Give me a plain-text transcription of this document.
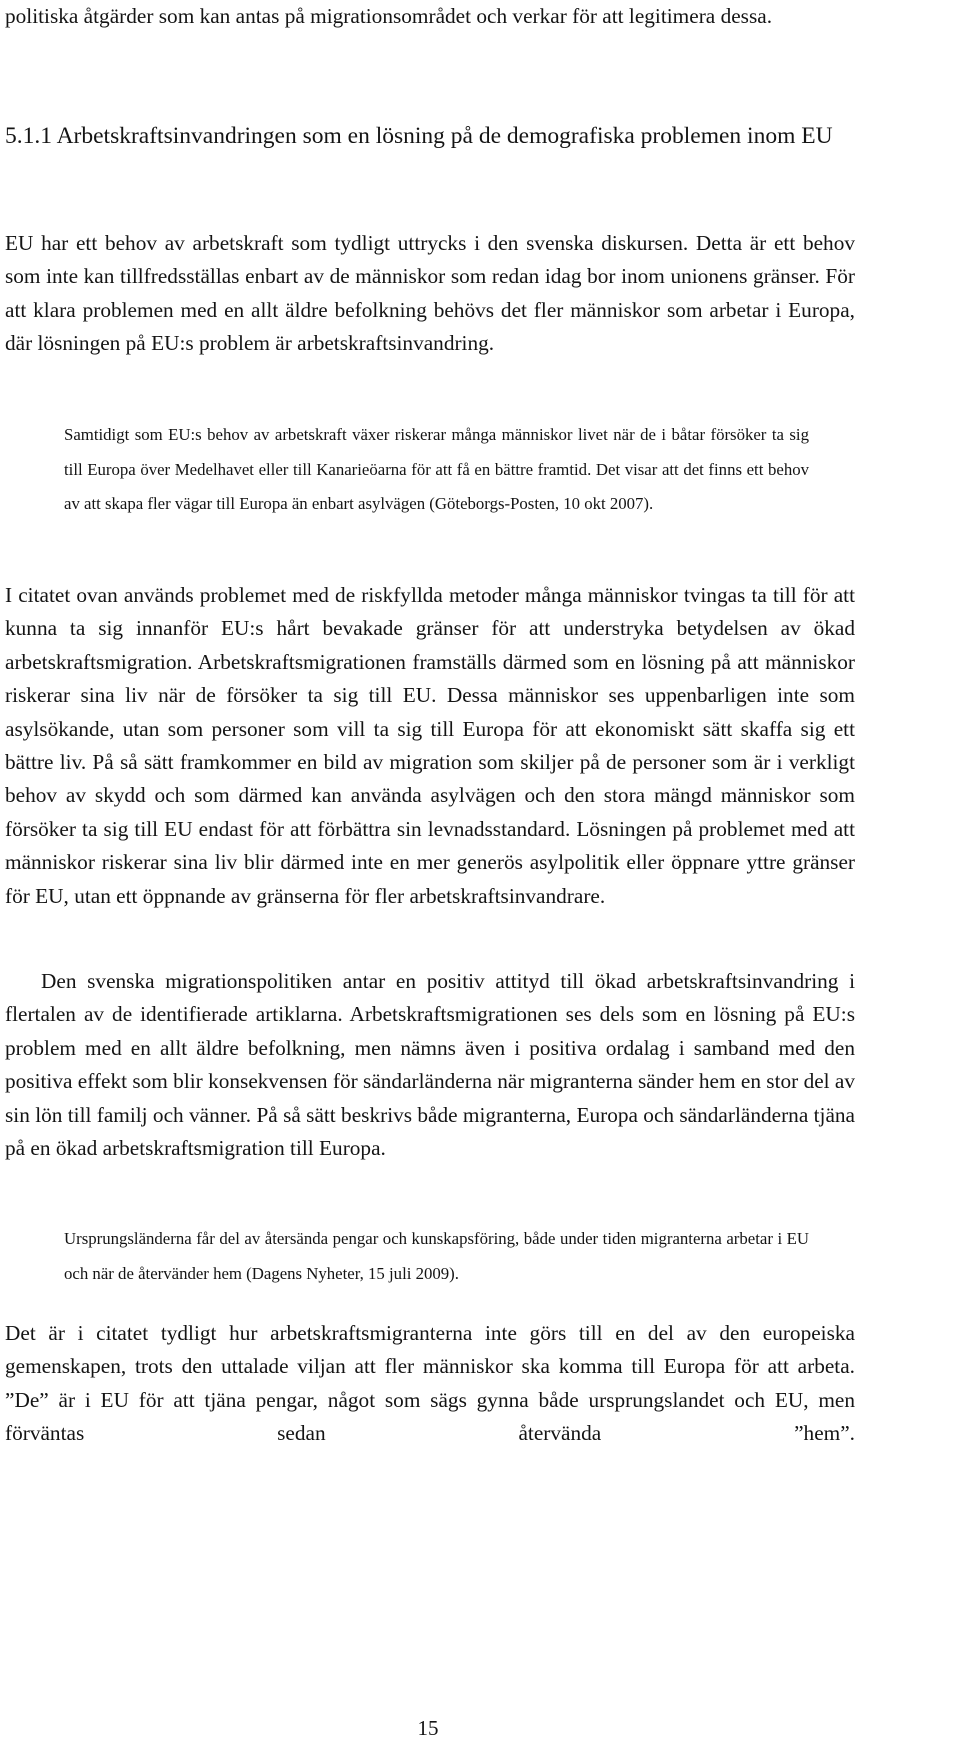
politiska åtgärder som kan antas på migrationsområdet och verkar för att legitimera dessa.

5.1.1 Arbetskraftsinvandringen som en lösning på de demografiska problemen inom EU

EU har ett behov av arbetskraft som tydligt uttrycks i den svenska diskursen. Detta är ett behov som inte kan tillfredsställas enbart av de människor som redan idag bor inom unionens gränser. För att klara problemen med en allt äldre befolkning behövs det fler människor som arbetar i Europa, där lösningen på EU:s problem är arbetskraftsinvandring.

Samtidigt som EU:s behov av arbetskraft växer riskerar många människor livet när de i båtar försöker ta sig till Europa över Medelhavet eller till Kanarieöarna för att få en bättre framtid. Det visar att det finns ett behov av att skapa fler vägar till Europa än enbart asylvägen (Göteborgs-Posten, 10 okt 2007).

I citatet ovan används problemet med de riskfyllda metoder många människor tvingas ta till för att kunna ta sig innanför EU:s hårt bevakade gränser för att understryka betydelsen av ökad arbetskraftsmigration. Arbetskraftsmigrationen framställs därmed som en lösning på att människor riskerar sina liv när de försöker ta sig till EU. Dessa människor ses uppenbarligen inte som asylsökande, utan som personer som vill ta sig till Europa för att ekonomiskt sätt skaffa sig ett bättre liv. På så sätt framkommer en bild av migration som skiljer på de personer som är i verkligt behov av skydd och som därmed kan använda asylvägen och den stora mängd människor som försöker ta sig till EU endast för att förbättra sin levnadsstandard. Lösningen på problemet med att människor riskerar sina liv blir därmed inte en mer generös asylpolitik eller öppnare yttre gränser för EU, utan ett öppnande av gränserna för fler arbetskraftsinvandrare.

Den svenska migrationspolitiken antar en positiv attityd till ökad arbetskraftsinvandring i flertalen av de identifierade artiklarna. Arbetskraftsmigrationen ses dels som en lösning på EU:s problem med en allt äldre befolkning, men nämns även i positiva ordalag i samband med den positiva effekt som blir konsekvensen för sändarländerna när migranterna sänder hem en stor del av sin lön till familj och vänner. På så sätt beskrivs både migranterna, Europa och sändarländerna tjäna på en ökad arbetskraftsmigration till Europa.

Ursprungsländerna får del av återsända pengar och kunskapsföring, både under tiden migranterna arbetar i EU och när de återvänder hem (Dagens Nyheter, 15 juli 2009).

Det är i citatet tydligt hur arbetskraftsmigranterna inte görs till en del av den europeiska gemenskapen, trots den uttalade viljan att fler människor ska komma till Europa för att arbeta. ”De” är i EU för att tjäna pengar, något som sägs gynna både ursprungslandet och EU, men förväntas sedan återvända ”hem”.

15
